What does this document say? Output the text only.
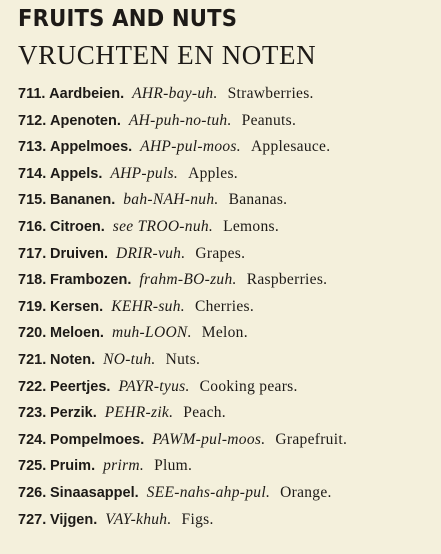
FRUITS AND NUTS
VRUCHTEN EN NOTEN
711. Aardbeien. AHR-bay-uh. Strawberries.
712. Apenoten. AH-puh-no-tuh. Peanuts.
713. Appelmoes. AHP-pul-moos. Applesauce.
714. Appels. AHP-puls. Apples.
715. Bananen. bah-NAH-nuh. Bananas.
716. Citroen. see TROO-nuh. Lemons.
717. Druiven. DRIR-vuh. Grapes.
718. Frambozen. frahm-BO-zuh. Raspberries.
719. Kersen. KEHR-suh. Cherries.
720. Meloen. muh-LOON. Melon.
721. Noten. NO-tuh. Nuts.
722. Peertjes. PAYR-tyus. Cooking pears.
723. Perzik. PEHR-zik. Peach.
724. Pompelmoes. PAWM-pul-moos. Grapefruit.
725. Pruim. prirm. Plum.
726. Sinaasappel. SEE-nahs-ahp-pul. Orange.
727. Vijgen. VAY-khuh. Figs.
